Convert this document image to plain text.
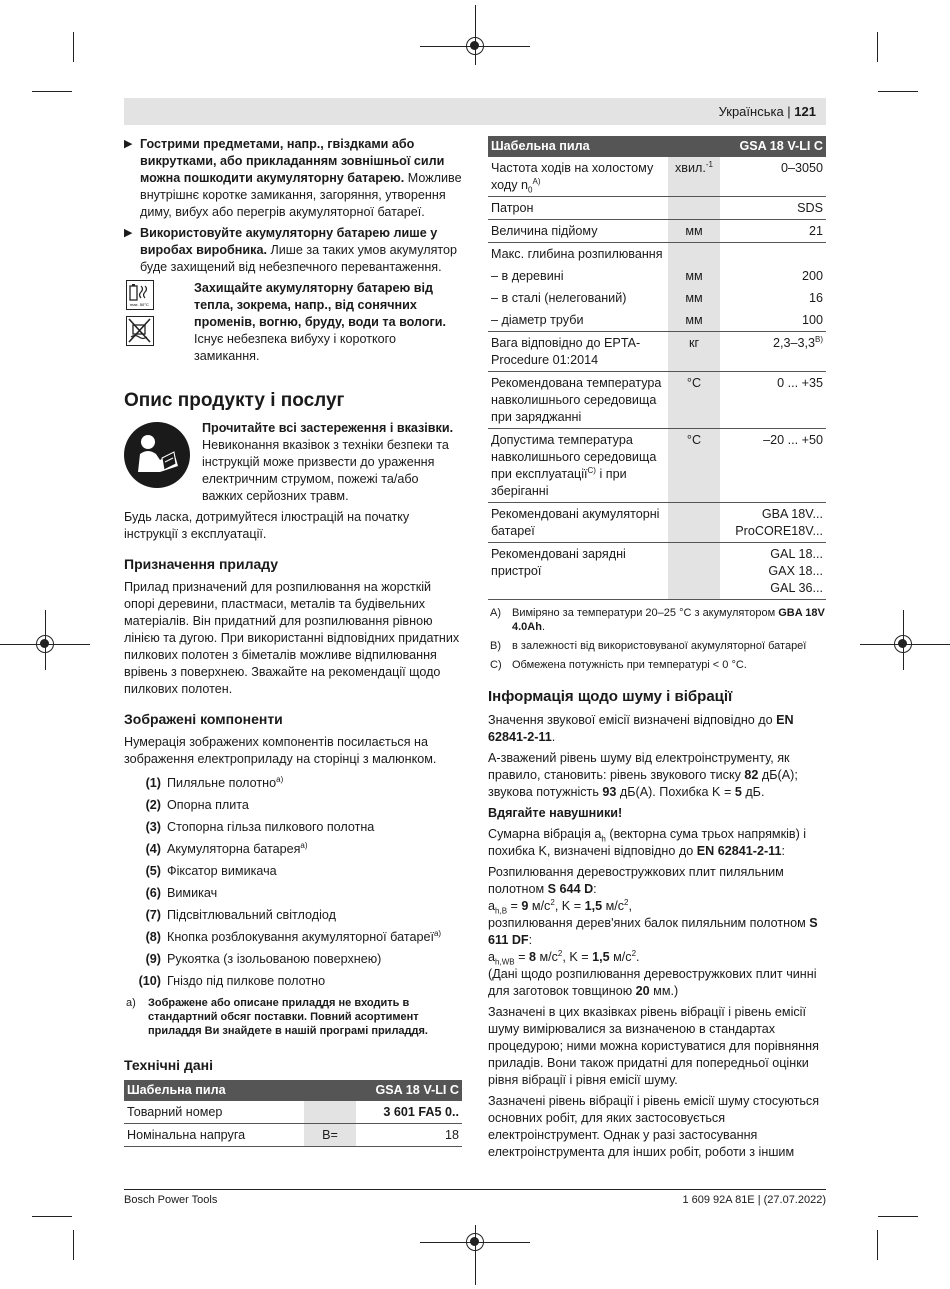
Українська | 121
▶ Гострими предметами, напр., гвіздками або викрутками, або прикладанням зовнішньої сили можна пошкодити акумуляторну батарею. Можливе внутрішнє коротке замикання, загоряння, утворення диму, вибух або перегрів акумуляторної батареї.
▶ Використовуйте акумуляторну батарею лише у виробах виробника. Лише за таких умов акумулятор буде захищений від небезпечного перевантаження.
max. 50°C
Захищайте акумуляторну батарею від тепла, зокрема, напр., від сонячних променів, вогню, бруду, води та вологи. Існує небезпека вибуху і короткого замикання.
Опис продукту і послуг
Прочитайте всі застереження і вказівки. Невиконання вказівок з техніки безпеки та інструкцій може призвести до ураження електричним струмом, пожежі та/або важких серйозних травм.

Будь ласка, дотримуйтеся ілюстрацій на початку інструкції з експлуатації.

Призначення приладу

Прилад призначений для розпилювання на жорсткій опорі деревини, пластмаси, металів та будівельних матеріалів. Він придатний для розпилювання рівною лінією та дугою. При використанні відповідних придатних пилкових полотен з біметалів можливе відпилювання врівень з поверхнею. Зважайте на рекомендації щодо пилкових полотен.

Зображені компоненти

Нумерація зображених компонентів посилається на зображення електроприладу на сторінці з малюнком.

(1) Пиляльне полотно$^{a)}$
(2) Опорна плита
(3) Стопорна гільза пилкового полотна
(4) Акумуляторна батарея$^{a)}$
(5) Фіксатор вимикача
(6) Вимикач
(7) Підсвітлювальний світлодіод
(8) Кнопка розблокування акумуляторної батареї$^{a)}$
(9) Рукоятка (з ізольованою поверхнею)
(10) Гніздо під пилкове полотно
a) Зображене або описане приладдя не входить в стандартний обсяг поставки. Повний асортимент приладдя Ви знайдете в нашій програмі приладдя.
Технічні дані
Шабельна пила		GSA 18 V-LI C
Товарний номер		3 601 FA5 0..
Номінальна напруга	В=	18
Шабельна пила		GSA 18 V-LI C
Частота ходів на холостому ходу $n_0^{A)}$	хвил.$^{-1}$	0–3050
Патрон		SDS
Величина підйому	мм	21
Макс. глибина розпилювання		
– в деревині	мм	200
– в сталі (нелегований)	мм	16
– діаметр труби	мм	100
Вага відповідно до EPTA-Procedure 01:2014	кг	$2,3-3,3^{B)}$
Рекомендована температура навколишнього середовища при заряджанні	°C	0 ... +35
Допустима температура навколишнього середовища при експлуатації$^{C)}$ і при зберіганні	°C	–20 ... +50
Рекомендовані акумуляторні батареї		GBA 18V...
ProCORE18V...

Рекомендовані зарядні пристрої		GAL 18...
GAX 18...
GAL 36...
A) Виміряно за температури 20–25 °C з акумулятором GBA 18V 4.0Ah.
B) в залежності від використовуваної акумуляторної батареї
C) Обмежена потужність при температурі < 0 °C.
Інформація щодо шуму і вібрації

Значення звукової емісії визначені відповідно до EN 62841-2-11.

А-зважений рівень шуму від електроінструменту, як правило, становить: рівень звукового тиску 82 дБ(A); звукова потужність 93 дБ(A). Похибка K = 5 дБ.

Вдягайте навушники!

Сумарна вібрація $a_h$ (векторна сума трьох напрямків) і похибка K, визначені відповідно до EN 62841-2-11:

Розпилювання деревостружкових плит пиляльним полотном S 644 D:
$a_{h,B} = 9$ $м/с^2$, K = 1,5 $м/с^2$,
розпилювання дерев'яних балок пиляльним полотном S 611 DF:
$a_{h,WB} = 8$ $м/с^2$, K = 1,5 $м/с^2$.

(Дані щодо розпилювання деревостружкових плит чинні для заготовок товщиною 20 мм.)

Зазначені в цих вказівках рівень вібрації і рівень емісії шуму вимірювалися за визначеною в стандартах процедурою; ними можна користуватися для порівняння приладів. Вони також придатні для попередньої оцінки рівня вібрації і рівня емісії шуму.

Зазначені рівень вібрації і рівень емісії шуму стосуються основних робіт, для яких застосовується електроінструмент. Однак у разі застосування електроінструмента для інших робіт, роботи з іншим

Bosch Power Tools	1 609 92A 81E | (27.07.2022)
